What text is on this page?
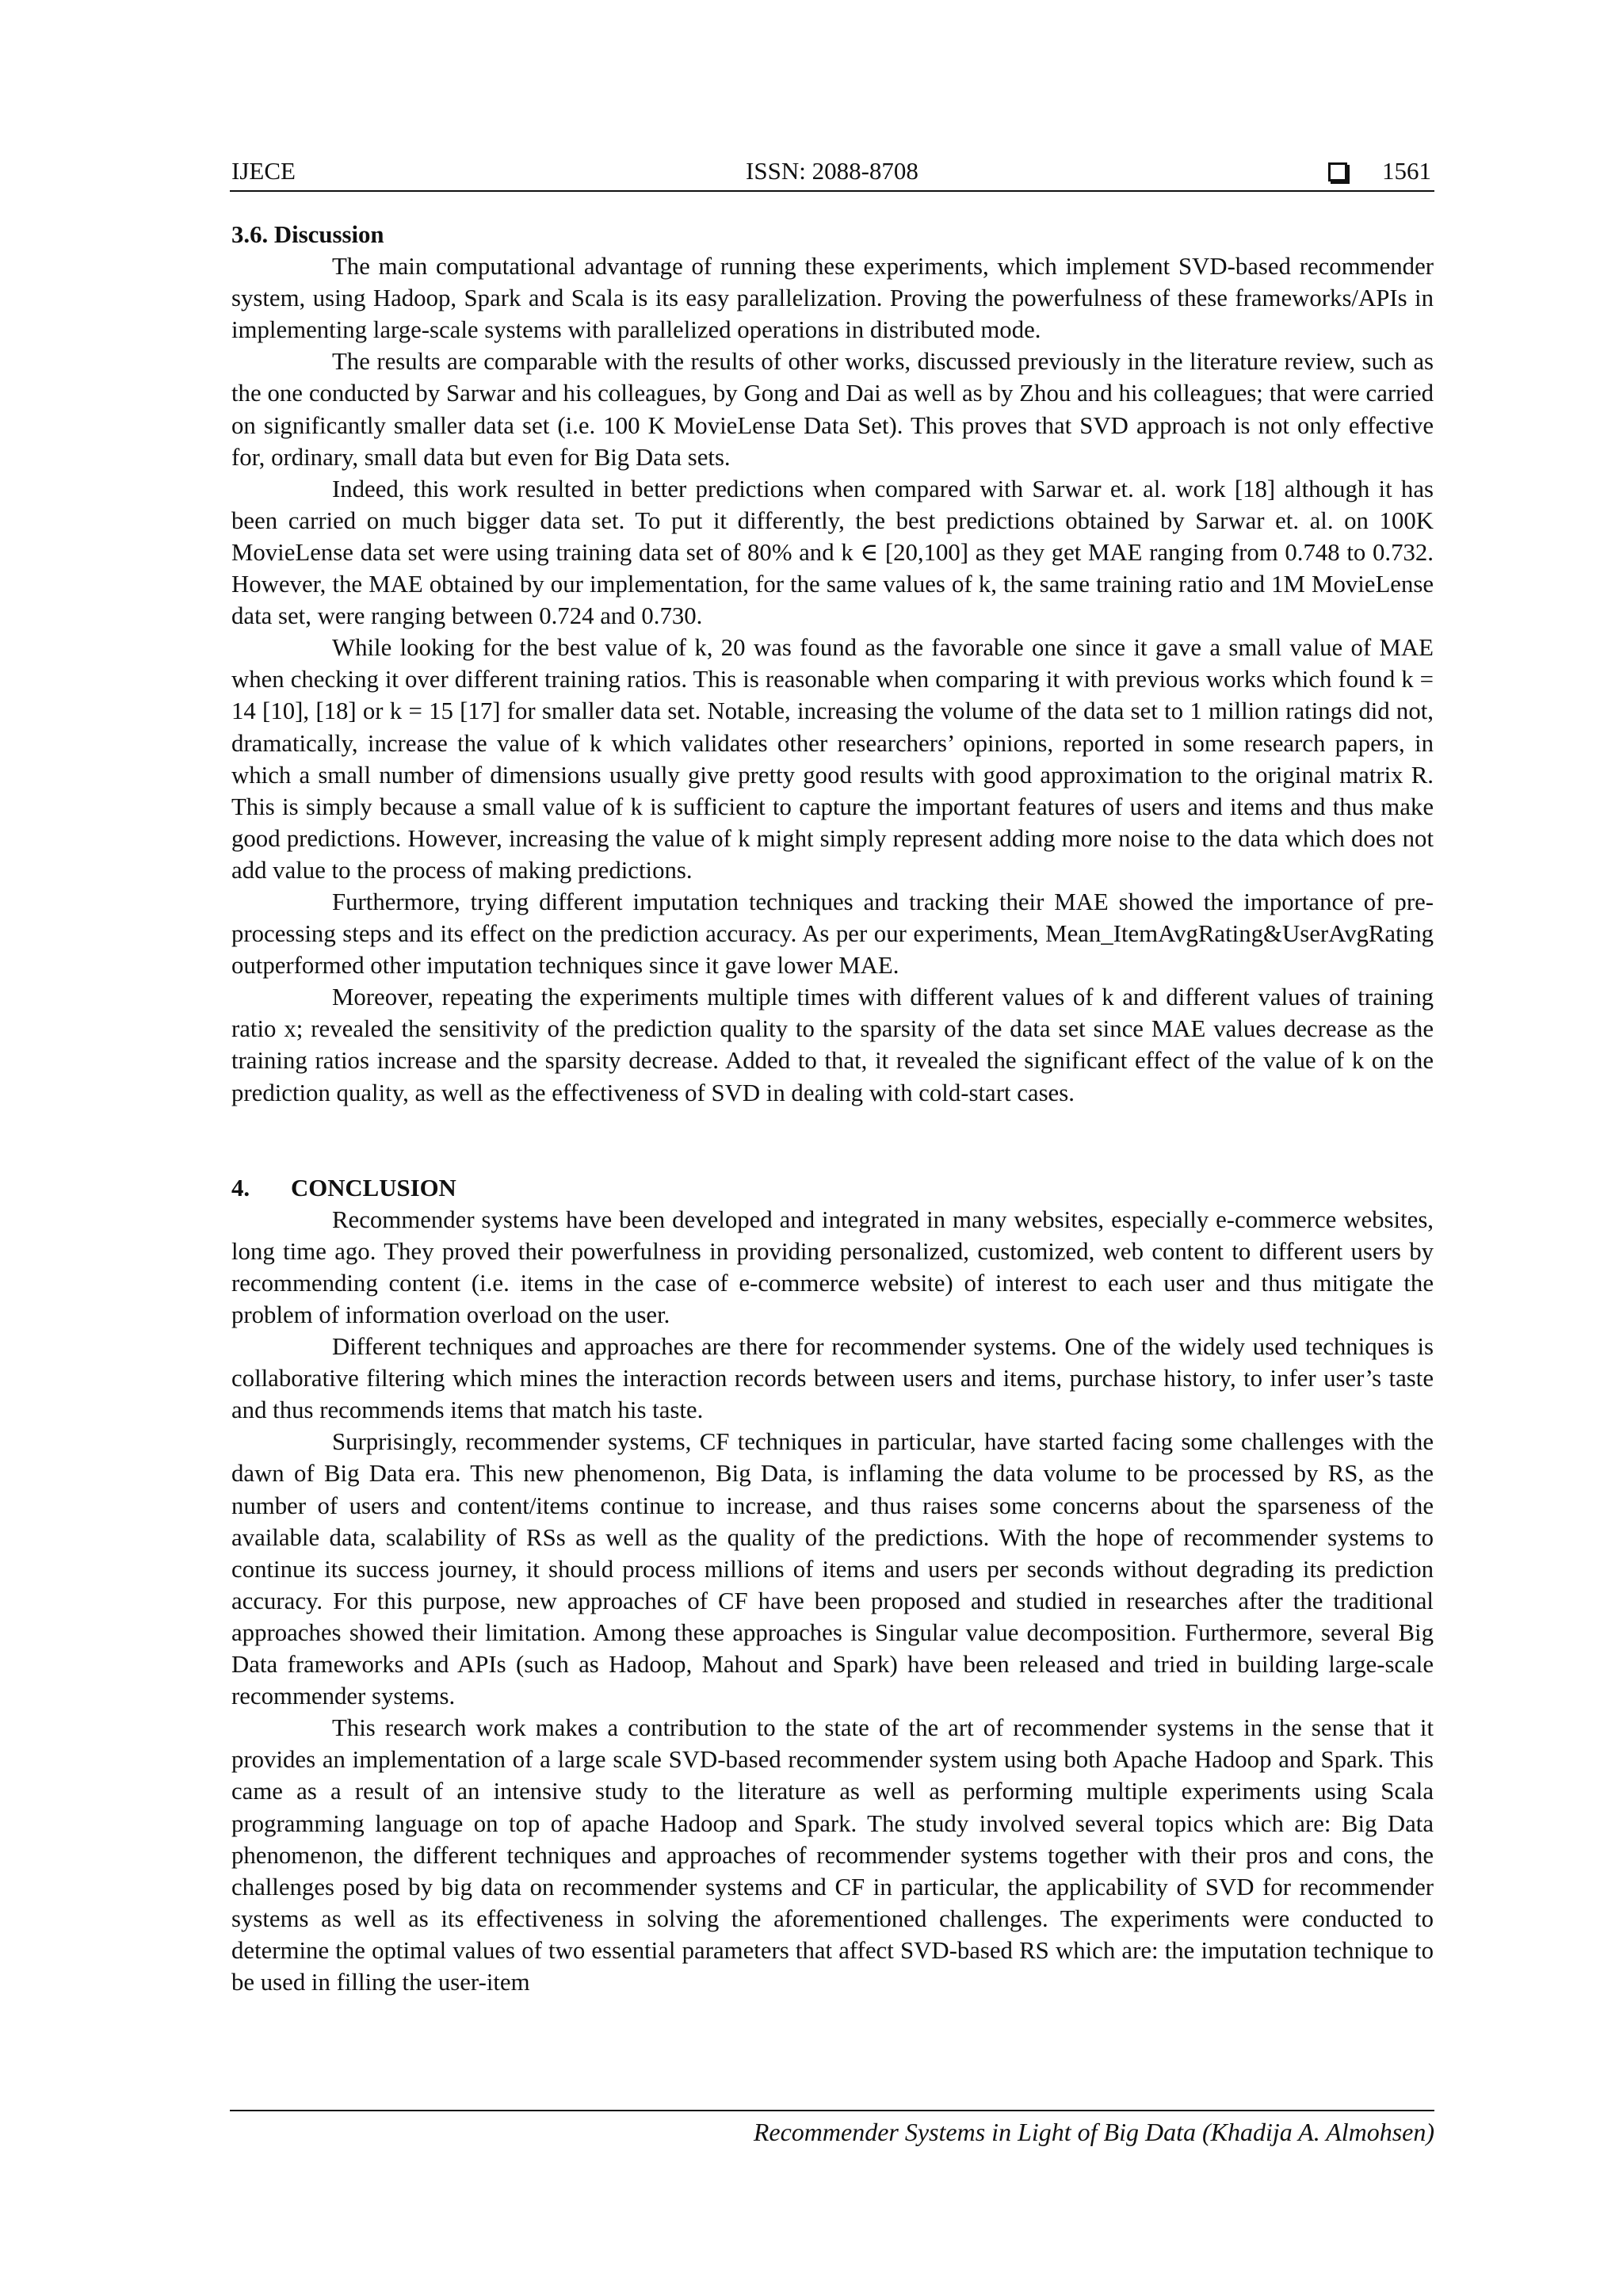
IJECE	ISSN: 2088-8708	1561
3.6. Discussion

The main computational advantage of running these experiments, which implement SVD-based recommender system, using Hadoop, Spark and Scala is its easy parallelization. Proving the powerfulness of these frameworks/APIs in implementing large-scale systems with parallelized operations in distributed mode.

The results are comparable with the results of other works, discussed previously in the literature review, such as the one conducted by Sarwar and his colleagues, by Gong and Dai as well as by Zhou and his colleagues; that were carried on significantly smaller data set (i.e. 100 K MovieLense Data Set). This proves that SVD approach is not only effective for, ordinary, small data but even for Big Data sets.

Indeed, this work resulted in better predictions when compared with Sarwar et. al. work [18] although it has been carried on much bigger data set. To put it differently, the best predictions obtained by Sarwar et. al. on 100K MovieLense data set were using training data set of 80% and k ∈ [20,100] as they get MAE ranging from 0.748 to 0.732. However, the MAE obtained by our implementation, for the same values of k, the same training ratio and 1M MovieLense data set, were ranging between 0.724 and 0.730.

While looking for the best value of k, 20 was found as the favorable one since it gave a small value of MAE when checking it over different training ratios. This is reasonable when comparing it with previous works which found k = 14 [10], [18] or k = 15 [17] for smaller data set. Notable, increasing the volume of the data set to 1 million ratings did not, dramatically, increase the value of k which validates other researchers’ opinions, reported in some research papers, in which a small number of dimensions usually give pretty good results with good approximation to the original matrix R. This is simply because a small value of k is sufficient to capture the important features of users and items and thus make good predictions. However, increasing the value of k might simply represent adding more noise to the data which does not add value to the process of making predictions.

Furthermore, trying different imputation techniques and tracking their MAE showed the importance of pre-processing steps and its effect on the prediction accuracy. As per our experiments, Mean_ItemAvgRating&UserAvgRating outperformed other imputation techniques since it gave lower MAE.

Moreover, repeating the experiments multiple times with different values of k and different values of training ratio x; revealed the sensitivity of the prediction quality to the sparsity of the data set since MAE values decrease as the training ratios increase and the sparsity decrease. Added to that, it revealed the significant effect of the value of k on the prediction quality, as well as the effectiveness of SVD in dealing with cold-start cases.

4. CONCLUSION

Recommender systems have been developed and integrated in many websites, especially e-commerce websites, long time ago. They proved their powerfulness in providing personalized, customized, web content to different users by recommending content (i.e. items in the case of e-commerce website) of interest to each user and thus mitigate the problem of information overload on the user.

Different techniques and approaches are there for recommender systems. One of the widely used techniques is collaborative filtering which mines the interaction records between users and items, purchase history, to infer user’s taste and thus recommends items that match his taste.

Surprisingly, recommender systems, CF techniques in particular, have started facing some challenges with the dawn of Big Data era. This new phenomenon, Big Data, is inflaming the data volume to be processed by RS, as the number of users and content/items continue to increase, and thus raises some concerns about the sparseness of the available data, scalability of RSs as well as the quality of the predictions. With the hope of recommender systems to continue its success journey, it should process millions of items and users per seconds without degrading its prediction accuracy. For this purpose, new approaches of CF have been proposed and studied in researches after the traditional approaches showed their limitation. Among these approaches is Singular value decomposition. Furthermore, several Big Data frameworks and APIs (such as Hadoop, Mahout and Spark) have been released and tried in building large-scale recommender systems.

This research work makes a contribution to the state of the art of recommender systems in the sense that it provides an implementation of a large scale SVD-based recommender system using both Apache Hadoop and Spark. This came as a result of an intensive study to the literature as well as performing multiple experiments using Scala programming language on top of apache Hadoop and Spark. The study involved several topics which are: Big Data phenomenon, the different techniques and approaches of recommender systems together with their pros and cons, the challenges posed by big data on recommender systems and CF in particular, the applicability of SVD for recommender systems as well as its effectiveness in solving the aforementioned challenges. The experiments were conducted to determine the optimal values of two essential parameters that affect SVD-based RS which are: the imputation technique to be used in filling the user-item

Recommender Systems in Light of Big Data (Khadija A. Almohsen)
